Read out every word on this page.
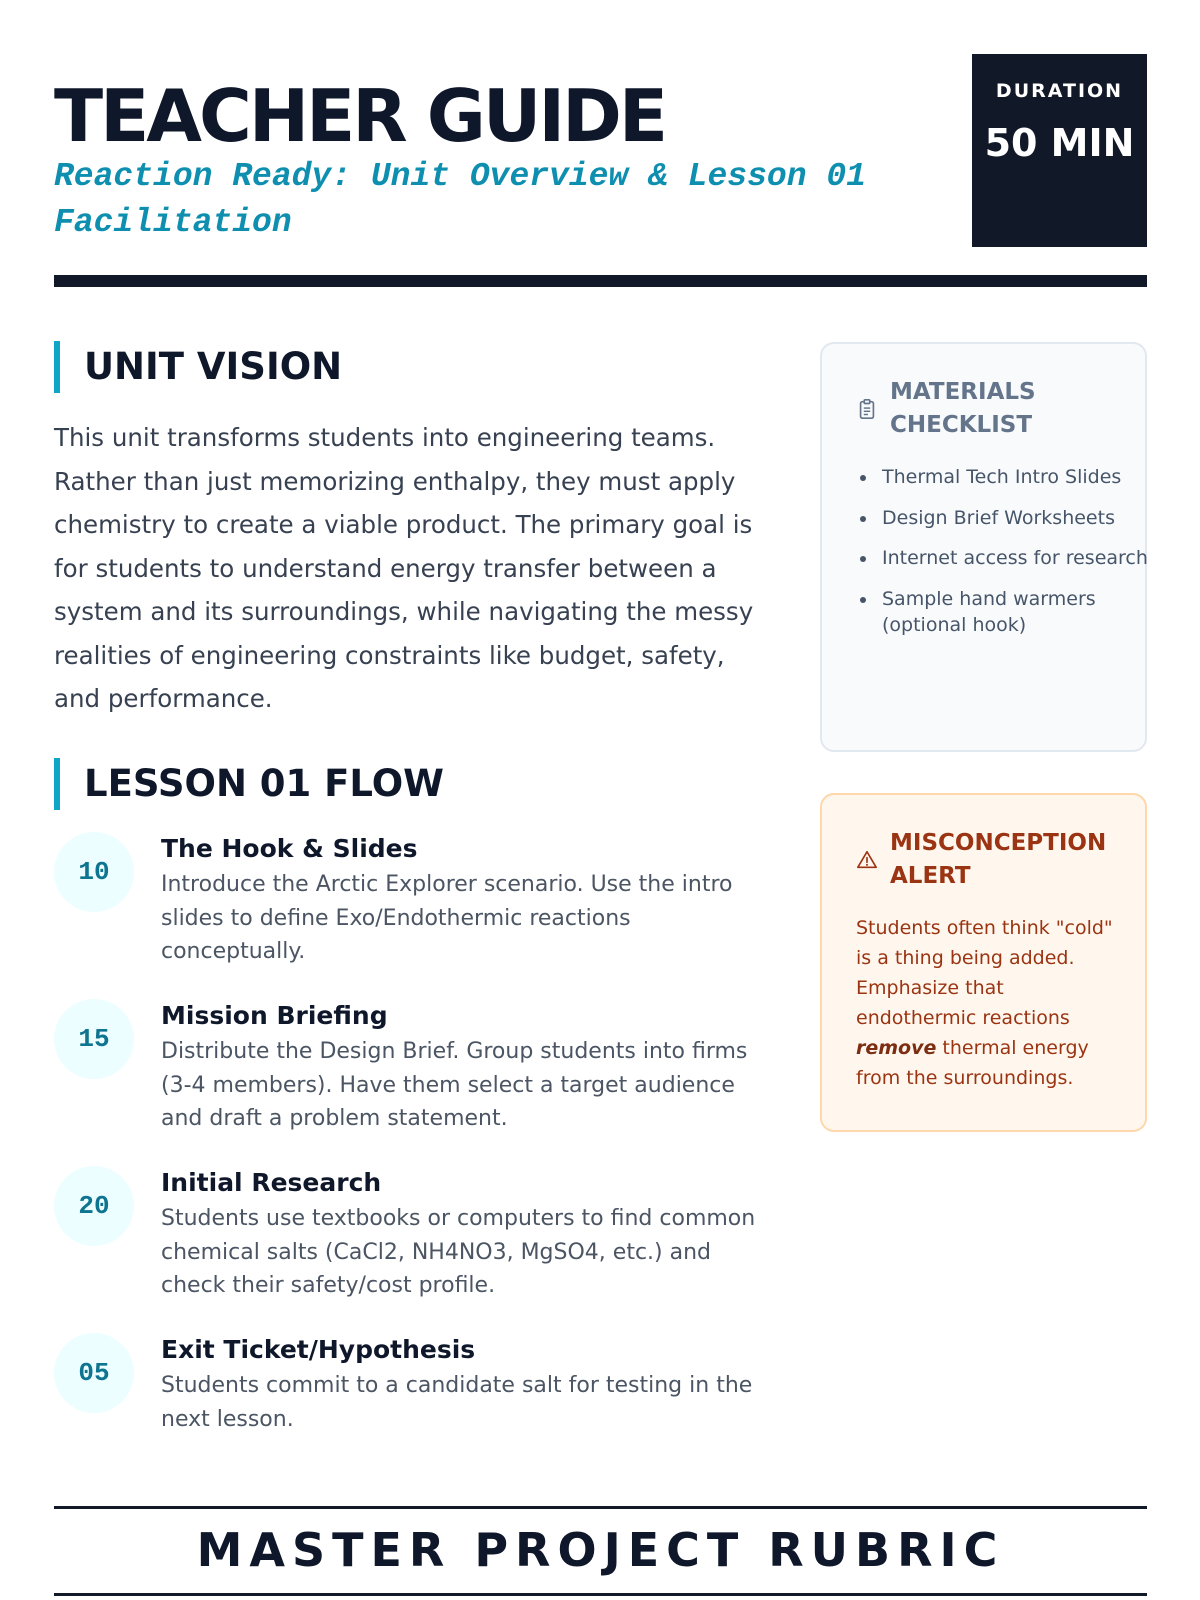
TEACHER GUIDE

Reaction Ready: Unit Overview & Lesson 01 Facilitation

DURATION
50 MIN
UNIT VISION

This unit transforms students into engineering teams. Rather than just memorizing enthalpy, they must apply chemistry to create a viable product. The primary goal is for students to understand energy transfer between a system and its surroundings, while navigating the messy realities of engineering constraints like budget, safety, and performance.

LESSON 01 FLOW
10
The Hook & Slides
Introduce the Arctic Explorer scenario. Use the intro slides to define Exo/Endothermic reactions conceptually.
15
Mission Briefing
Distribute the Design Brief. Group students into firms (3-4 members). Have them select a target audience and draft a problem statement.
20
Initial Research
Students use textbooks or computers to find common chemical salts (CaCl2, NH4NO3, MgSO4, etc.) and check their safety/cost profile.
05
Exit Ticket/Hypothesis
Students commit to a candidate salt for testing in the next lesson.
MATERIALS CHECKLIST
Thermal Tech Intro Slides
Design Brief Worksheets
Internet access for research
Sample hand warmers (optional hook)
MISCONCEPTION ALERT

Students often think "cold" is a thing being added. Emphasize that endothermic reactions remove thermal energy from the surroundings.

MASTER PROJECT RUBRIC
